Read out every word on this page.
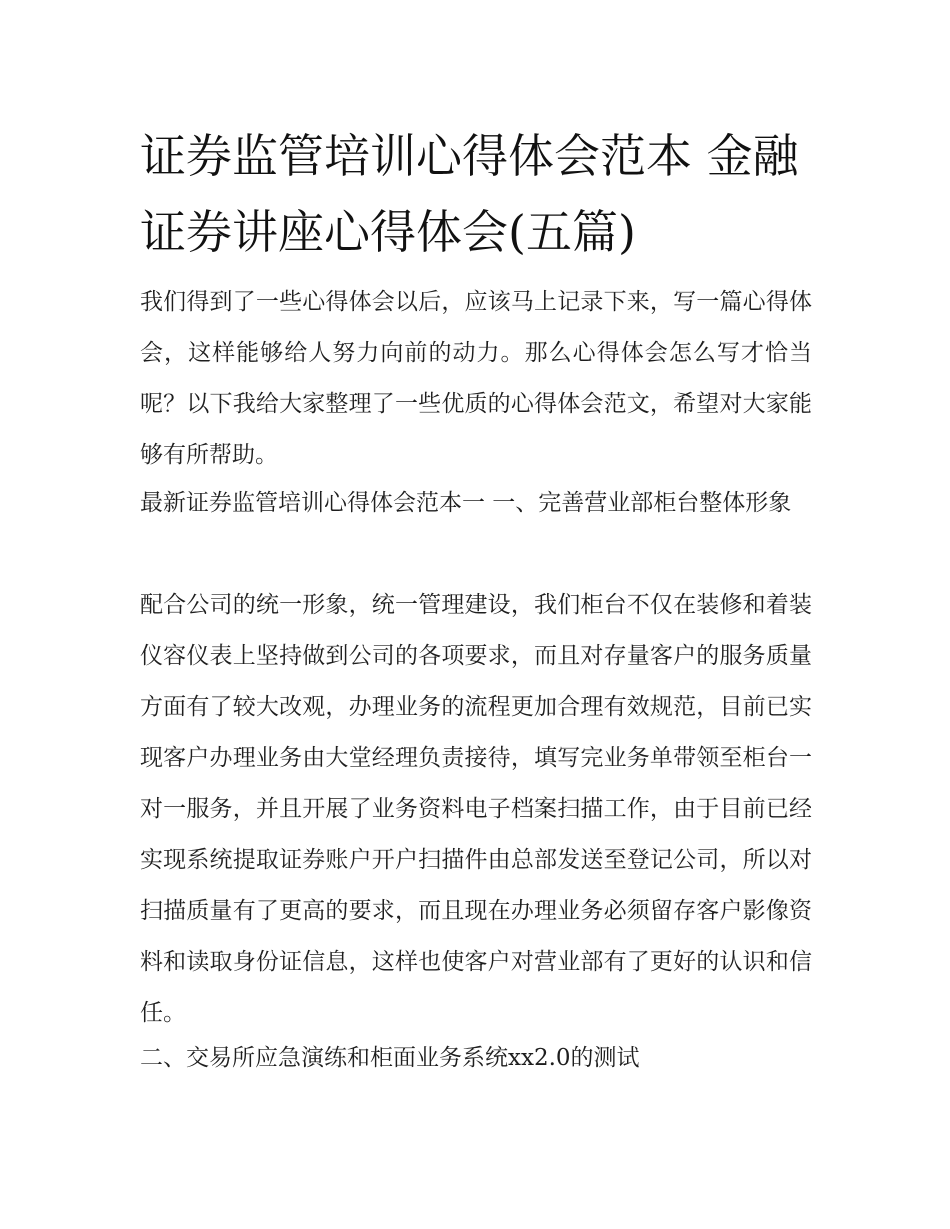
证券监管培训心得体会范本 金融证券讲座心得体会(五篇)

我们得到了一些心得体会以后，应该马上记录下来，写一篇心得体会，这样能够给人努力向前的动力。那么心得体会怎么写才恰当呢？以下我给大家整理了一些优质的心得体会范文，希望对大家能够有所帮助。

最新证券监管培训心得体会范本一 一、完善营业部柜台整体形象

配合公司的统一形象，统一管理建设，我们柜台不仅在装修和着装仪容仪表上坚持做到公司的各项要求，而且对存量客户的服务质量方面有了较大改观，办理业务的流程更加合理有效规范，目前已实现客户办理业务由大堂经理负责接待，填写完业务单带领至柜台一对一服务，并且开展了业务资料电子档案扫描工作，由于目前已经实现系统提取证券账户开户扫描件由总部发送至登记公司，所以对扫描质量有了更高的要求，而且现在办理业务必须留存客户影像资料和读取身份证信息，这样也使客户对营业部有了更好的认识和信任。

二、交易所应急演练和柜面业务系统xx2.0的测试
